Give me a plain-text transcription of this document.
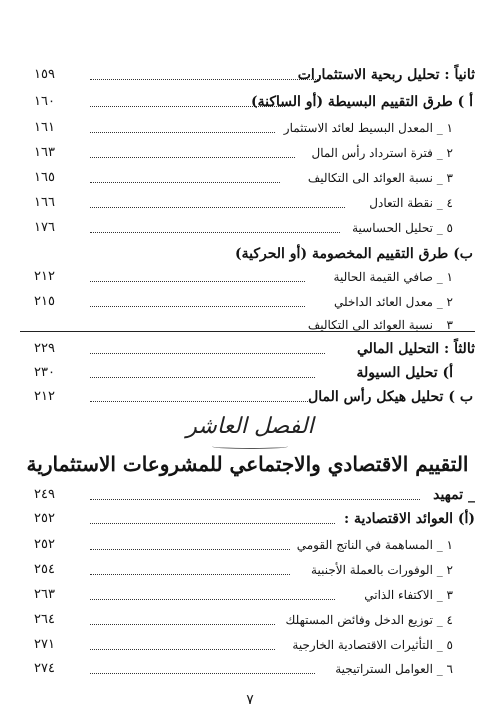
١٥٩	ثانياً : تحليل ربحية الاستثمارات
١٦٠	أ ) طرق التقييم البسيطة (أو الساكنة)
١٦١	١ _ المعدل البسيط لعائد الاستثمار
١٦٣	٢ _ فترة استرداد رأس المال
١٦٥	٣ _ نسبة العوائد الى التكاليف
١٦٦	٤ _ نقطة التعادل
١٧٦	٥ _ تحليل الحساسية
ب) طرق التقييم المخصومة (أو الحركية)
٢١٢	١ _ صافي القيمة الحالية
٢١٥	٢ _ معدل العائد الداخلي
٣ _ نسبة العوائد الى التكاليف
٢٢٩	ثالثاً : التحليل المالي
٢٣٠	أ) تحليل السيولة
٢١٢	ب ) تحليل هيكل رأس المال
الفصل العاشر
التقييم الاقتصادي والاجتماعي للمشروعات الاستثمارية
٢٤٩	_ تمهيد
٢٥٢	(أ) العوائد الاقتصادية :
٢٥٢	١ _ المساهمة في الناتج القومي
٢٥٤	٢ _ الوفورات بالعملة الأجنبية
٢٦٣	٣ _ الاكتفاء الذاتي
٢٦٤	٤ _ توزيع الدخل وفائض المستهلك
٢٧١	٥ _ التأثيرات الاقتصادية الخارجية
٢٧٤	٦ _ العوامل الستراتيجية
٧
